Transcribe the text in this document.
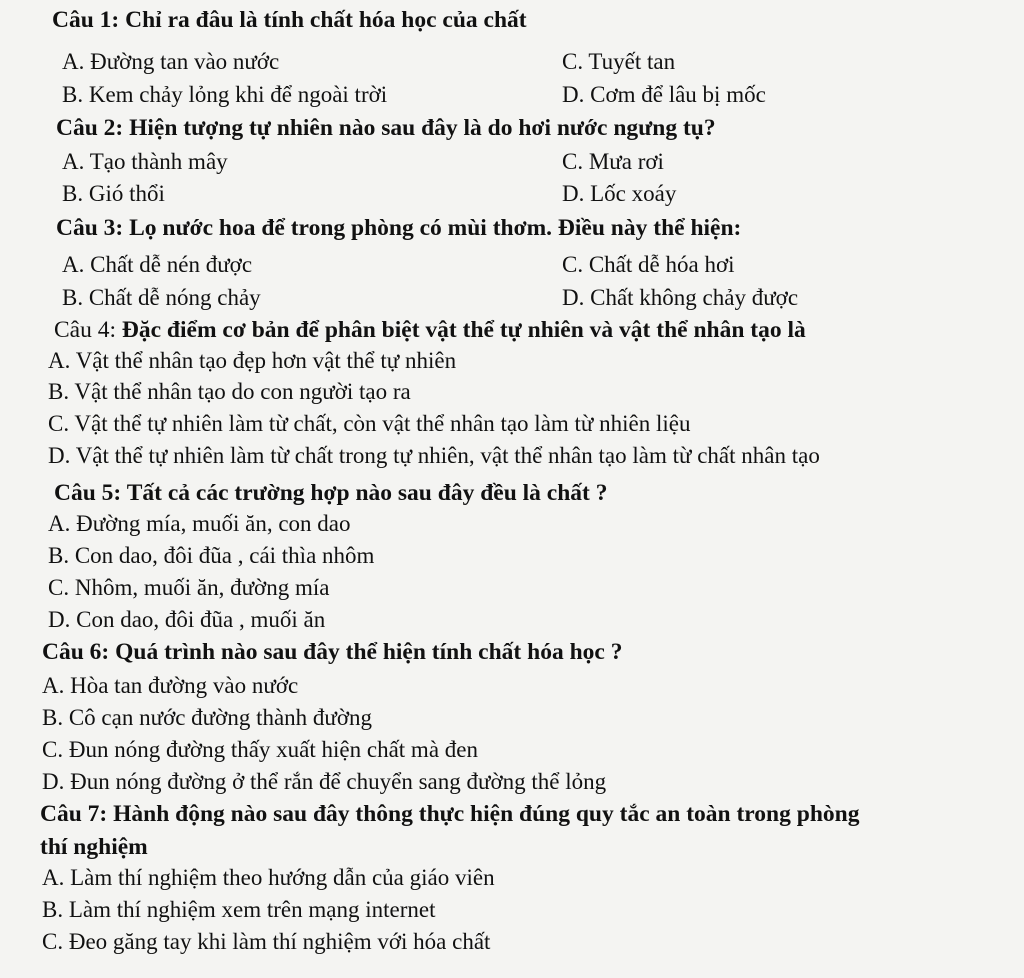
Câu 1: Chỉ ra đâu là tính chất hóa học của chất
A. Đường tan vào nước	C. Tuyết tan
B. Kem chảy lỏng khi để ngoài trời	D. Cơm để lâu bị mốc
Câu 2: Hiện tượng tự nhiên nào sau đây là do hơi nước ngưng tụ?
A. Tạo thành mây	C. Mưa rơi
B. Gió thổi	D. Lốc xoáy
Câu 3: Lọ nước hoa để trong phòng có mùi thơm. Điều này thể hiện:
A. Chất dễ nén được	C. Chất dễ hóa hơi
B. Chất dễ nóng chảy	D. Chất không chảy được
Câu 4: Đặc điểm cơ bản để phân biệt vật thể tự nhiên và vật thể nhân tạo là
A. Vật thể nhân tạo đẹp hơn vật thể tự nhiên
B. Vật thể nhân tạo do con người tạo ra
C. Vật thể tự nhiên làm từ chất, còn vật thể nhân tạo làm từ nhiên liệu
D. Vật thể tự nhiên làm từ chất trong tự nhiên, vật thể nhân tạo làm từ chất nhân tạo
Câu 5: Tất cả các trường hợp nào sau đây đều là chất ?
A. Đường mía, muối ăn, con dao
B. Con dao, đôi đũa , cái thìa nhôm
C. Nhôm, muối ăn, đường mía
D. Con dao, đôi đũa , muối ăn
Câu 6: Quá trình nào sau đây thể hiện tính chất hóa học ?
A. Hòa tan đường vào nước
B. Cô cạn nước đường thành đường
C. Đun nóng đường thấy xuất hiện chất mà đen
D. Đun nóng đường ở thể rắn để chuyển sang đường thể lỏng
Câu 7: Hành động nào sau đây thông thực hiện đúng quy tắc an toàn trong phòng
thí nghiệm
A. Làm thí nghiệm theo hướng dẫn của giáo viên
B. Làm thí nghiệm xem trên mạng internet
C. Đeo găng tay khi làm thí nghiệm với hóa chất
